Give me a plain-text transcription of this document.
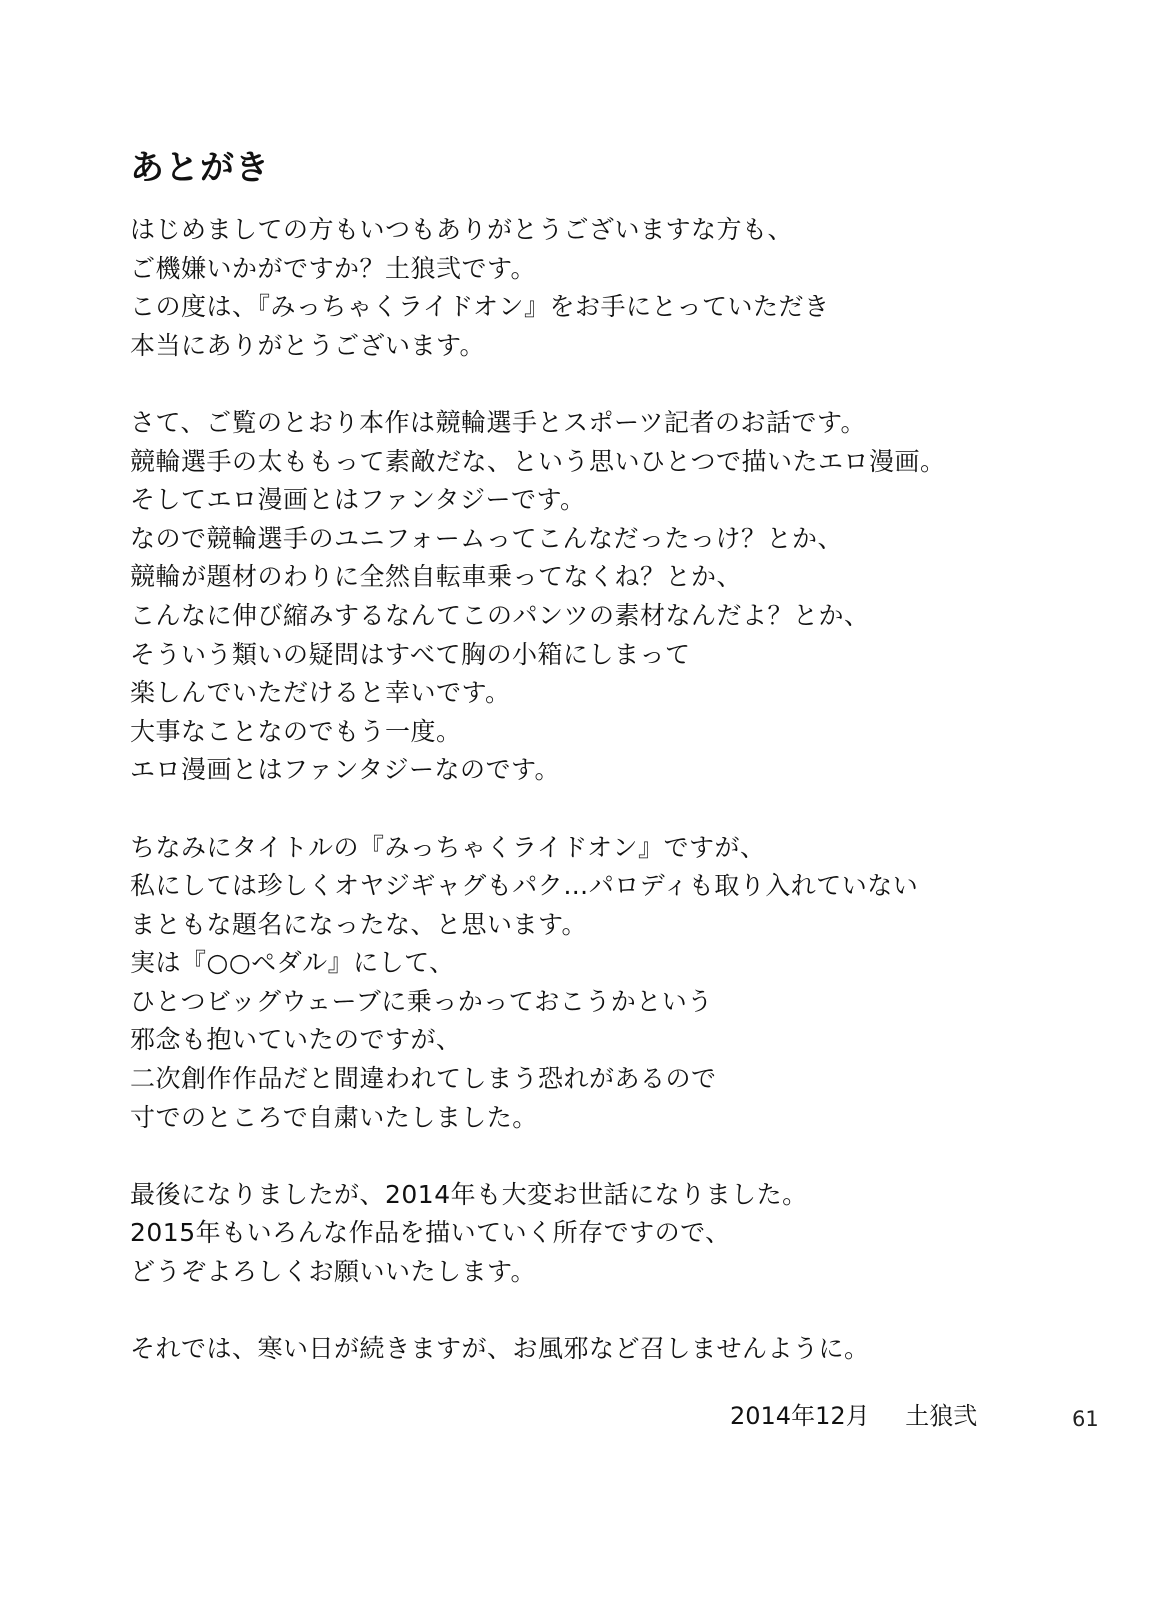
あとがき
はじめましての方もいつもありがとうございますな方も、
ご機嫌いかがですか？土狼弐です。
この度は、『みっちゃくライドオン』をお手にとっていただき
本当にありがとうございます。
さて、ご覧のとおり本作は競輪選手とスポーツ記者のお話です。
競輪選手の太ももって素敵だな、という思いひとつで描いたエロ漫画。
そしてエロ漫画とはファンタジーです。
なので競輪選手のユニフォームってこんなだったっけ？とか、
競輪が題材のわりに全然自転車乗ってなくね？とか、
こんなに伸び縮みするなんてこのパンツの素材なんだよ？とか、
そういう類いの疑問はすべて胸の小箱にしまって
楽しんでいただけると幸いです。
大事なことなのでもう一度。
エロ漫画とはファンタジーなのです。
ちなみにタイトルの『みっちゃくライドオン』ですが、
私にしては珍しくオヤジギャグもパク…パロディも取り入れていない
まともな題名になったな、と思います。
実は『○○ペダル』にして、
ひとつビッグウェーブに乗っかっておこうかという
邪念も抱いていたのですが、
二次創作作品だと間違われてしまう恐れがあるので
寸でのところで自粛いたしました。
最後になりましたが、2014年も大変お世話になりました。
2015年もいろんな作品を描いていく所存ですので、
どうぞよろしくお願いいたします。
それでは、寒い日が続きますが、お風邪など召しませんように。
2014年12月 土狼弐	61
